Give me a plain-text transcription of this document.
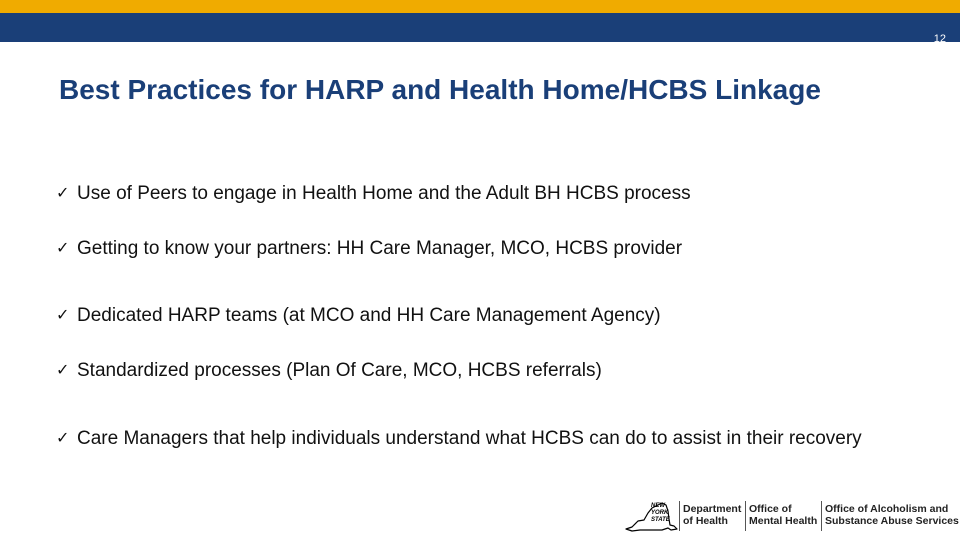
12
Best Practices for HARP and Health Home/HCBS Linkage
✓ Use of Peers to engage in Health Home and the Adult BH HCBS process
✓ Getting to know your partners: HH Care Manager, MCO, HCBS provider
✓ Dedicated HARP teams (at MCO and HH Care Management Agency)
✓ Standardized processes (Plan Of Care, MCO, HCBS referrals)
✓ Care Managers that help individuals understand what HCBS can do to assist in their recovery
NEW YORK STATE
Department
of Health
Office of
Mental Health
Office of Alcoholism and
Substance Abuse Services
